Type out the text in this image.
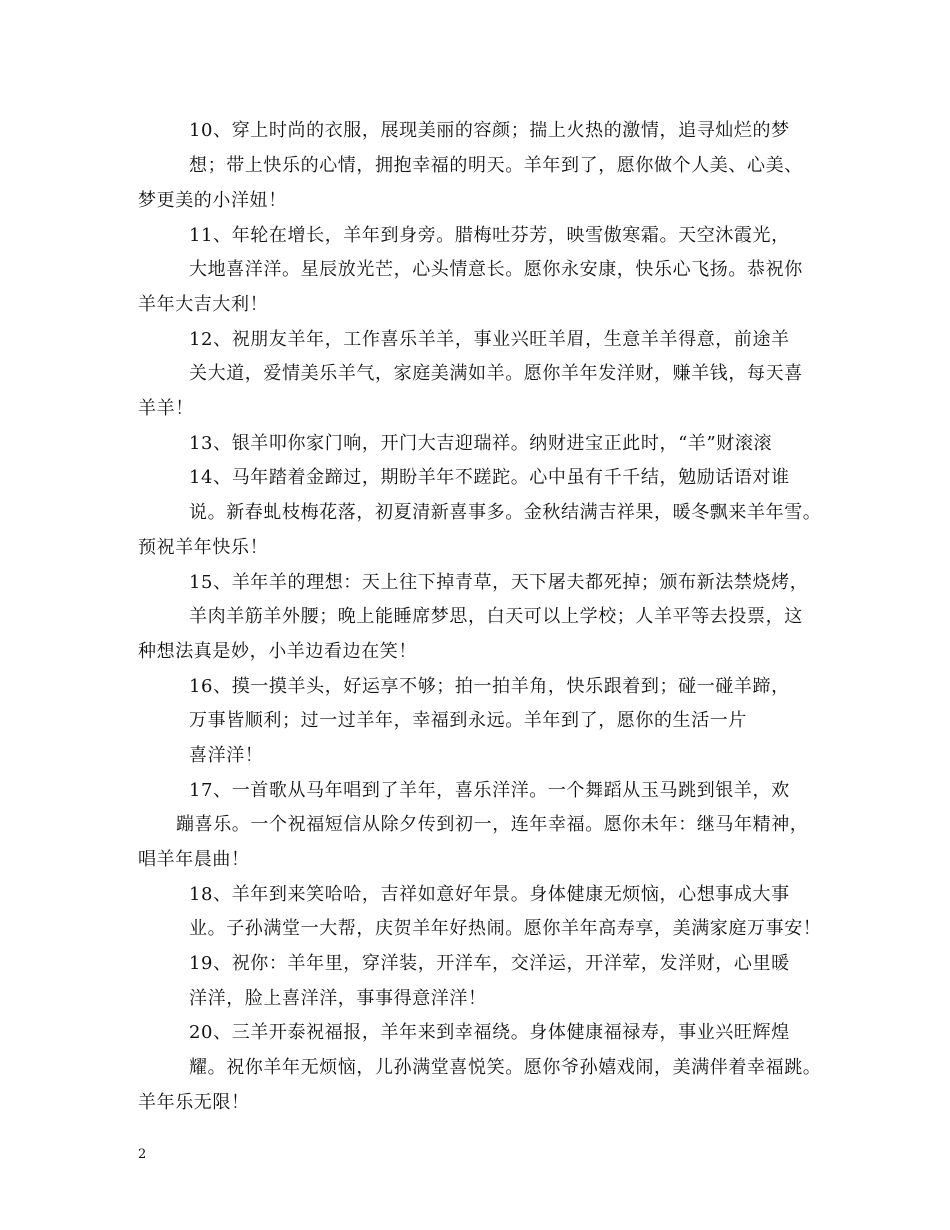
10、穿上时尚的衣服，展现美丽的容颜；揣上火热的激情，追寻灿烂的梦
想；带上快乐的心情，拥抱幸福的明天。羊年到了，愿你做个人美、心美、
梦更美的小洋妞！
11、年轮在增长，羊年到身旁。腊梅吐芬芳，映雪傲寒霜。天空沐霞光，
大地喜洋洋。星辰放光芒，心头情意长。愿你永安康，快乐心飞扬。恭祝你
羊年大吉大利！
12、祝朋友羊年，工作喜乐羊羊，事业兴旺羊眉，生意羊羊得意，前途羊
关大道，爱情美乐羊气，家庭美满如羊。愿你羊年发洋财，赚羊钱，每天喜
羊羊！
13、银羊叩你家门响，开门大吉迎瑞祥。纳财进宝正此时，“羊”财滚滚
14、马年踏着金蹄过，期盼羊年不蹉跎。心中虽有千千结，勉励话语对谁
说。新春虬枝梅花落，初夏清新喜事多。金秋结满吉祥果，暖冬飘来羊年雪。
预祝羊年快乐！
15、羊年羊的理想：天上往下掉青草，天下屠夫都死掉；颁布新法禁烧烤，
羊肉羊筋羊外腰；晚上能睡席梦思，白天可以上学校；人羊平等去投票，这
种想法真是妙，小羊边看边在笑！
16、摸一摸羊头，好运享不够；拍一拍羊角，快乐跟着到；碰一碰羊蹄，
万事皆顺利；过一过羊年，幸福到永远。羊年到了，愿你的生活一片
喜洋洋！
17、一首歌从马年唱到了羊年，喜乐洋洋。一个舞蹈从玉马跳到银羊，欢
蹦喜乐。一个祝福短信从除夕传到初一，连年幸福。愿你未年：继马年精神，
唱羊年晨曲！
18、羊年到来笑哈哈，吉祥如意好年景。身体健康无烦恼，心想事成大事
业。子孙满堂一大帮，庆贺羊年好热闹。愿你羊年高寿享，美满家庭万事安！
19、祝你：羊年里，穿洋装，开洋车，交洋运，开洋荤，发洋财，心里暖
洋洋，脸上喜洋洋，事事得意洋洋！
20、三羊开泰祝福报，羊年来到幸福绕。身体健康福禄寿，事业兴旺辉煌
耀。祝你羊年无烦恼，儿孙满堂喜悦笑。愿你爷孙嬉戏闹，美满伴着幸福跳。
羊年乐无限！
2
